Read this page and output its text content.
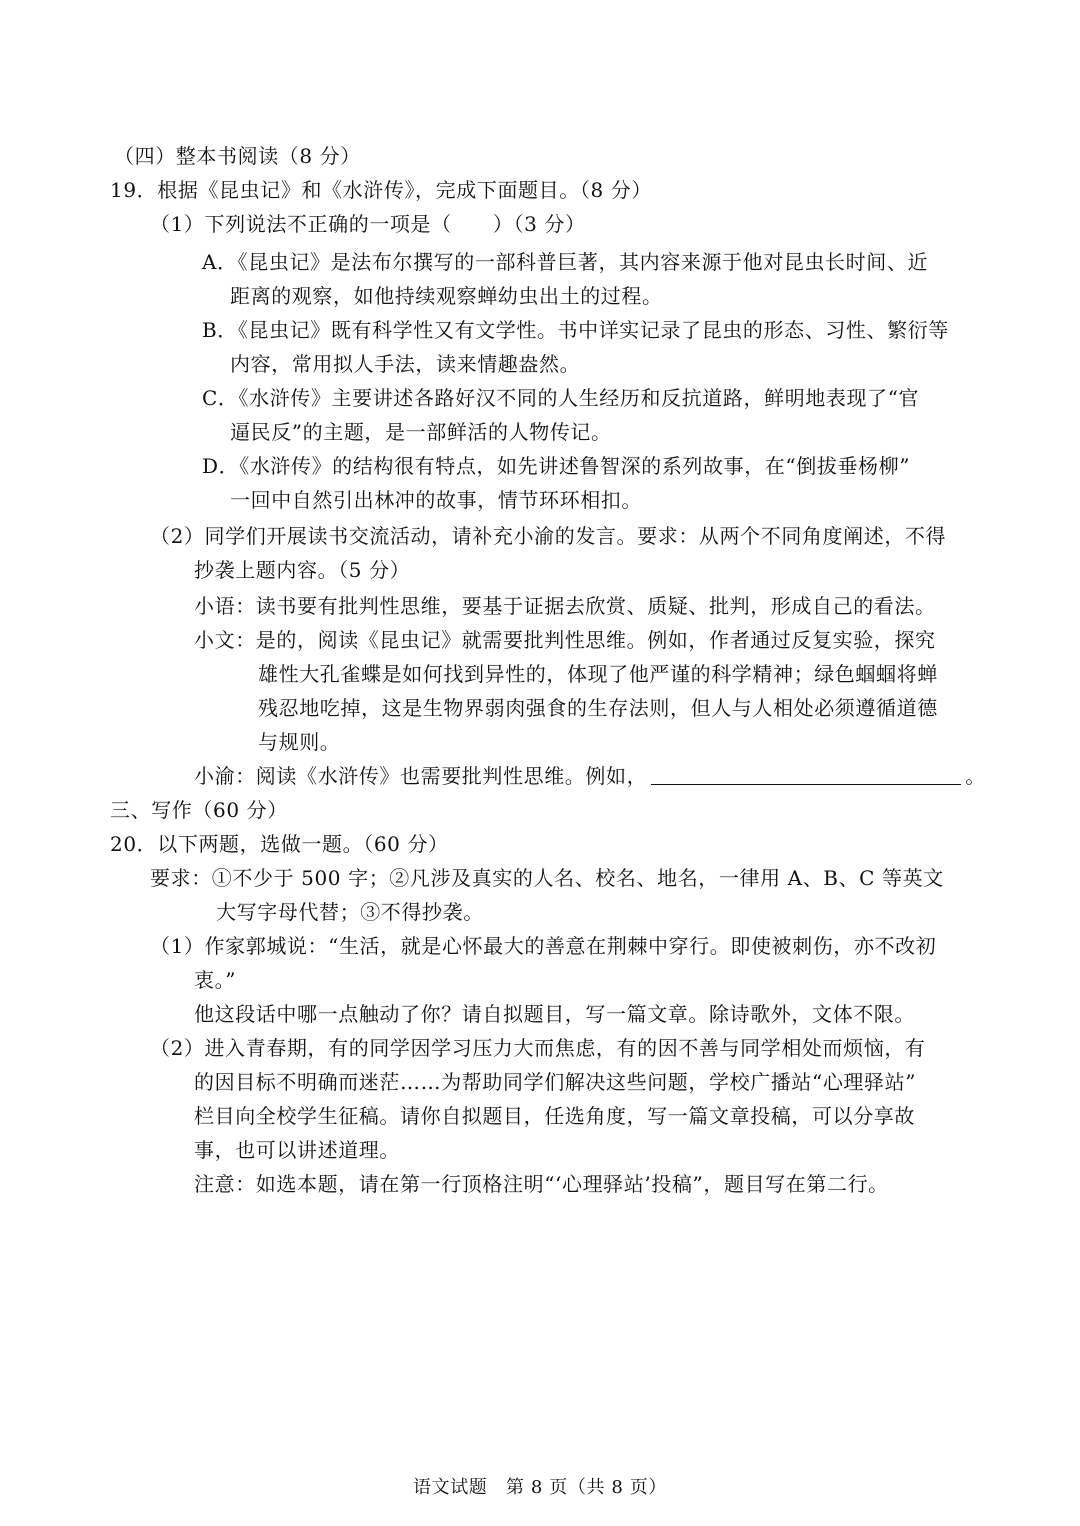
（四）整本书阅读（8 分）
19．根据《昆虫记》和《水浒传》，完成下面题目。（8 分）
（1）下列说法不正确的一项是（　　）（3 分）
A．《昆虫记》是法布尔撰写的一部科普巨著，其内容来源于他对昆虫长时间、近
距离的观察，如他持续观察蝉幼虫出土的过程。
B．《昆虫记》既有科学性又有文学性。书中详实记录了昆虫的形态、习性、繁衍等
内容，常用拟人手法，读来情趣盎然。
C．《水浒传》主要讲述各路好汉不同的人生经历和反抗道路，鲜明地表现了“官
逼民反”的主题，是一部鲜活的人物传记。
D．《水浒传》的结构很有特点，如先讲述鲁智深的系列故事，在“倒拔垂杨柳”
一回中自然引出林冲的故事，情节环环相扣。
（2）同学们开展读书交流活动，请补充小渝的发言。要求：从两个不同角度阐述，不得
抄袭上题内容。（5 分）
小语：读书要有批判性思维，要基于证据去欣赏、质疑、批判，形成自己的看法。
小文：是的，阅读《昆虫记》就需要批判性思维。例如，作者通过反复实验，探究
雄性大孔雀蝶是如何找到异性的，体现了他严谨的科学精神；绿色蝈蝈将蝉
残忍地吃掉，这是生物界弱肉强食的生存法则，但人与人相处必须遵循道德
与规则。
小渝：阅读《水浒传》也需要批判性思维。例如，	。
三、写作（60 分）
20．以下两题，选做一题。（60 分）
要求：①不少于 500 字；②凡涉及真实的人名、校名、地名，一律用 A、B、C 等英文
大写字母代替；③不得抄袭。
（1）作家郭城说：“生活，就是心怀最大的善意在荆棘中穿行。即使被刺伤，亦不改初
衷。”
他这段话中哪一点触动了你？请自拟题目，写一篇文章。除诗歌外，文体不限。
（2）进入青春期，有的同学因学习压力大而焦虑，有的因不善与同学相处而烦恼，有
的因目标不明确而迷茫……为帮助同学们解决这些问题，学校广播站“心理驿站”
栏目向全校学生征稿。请你自拟题目，任选角度，写一篇文章投稿，可以分享故
事，也可以讲述道理。
注意：如选本题，请在第一行顶格注明“‘心理驿站’投稿”，题目写在第二行。
语文试题　第 8 页（共 8 页）
